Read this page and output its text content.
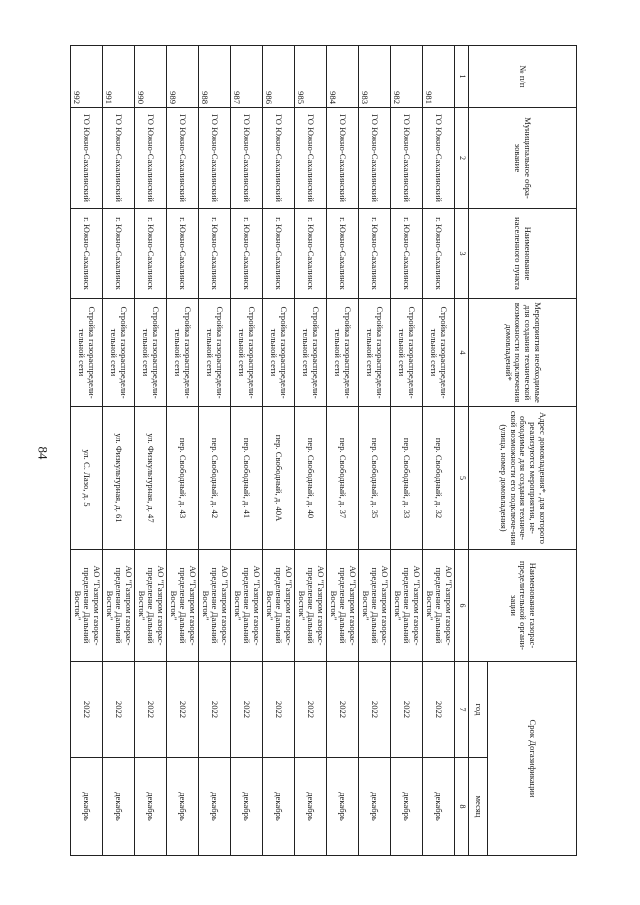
84
№ п/п	Муниципальное обра-зование	Наименование населенного пункта	Мероприятия необходимые для создания технической возможности подключения домовладений*	Адрес домовладения*, для которого реализуются мероприятия, не-обходимые для создания техниче-ской возможности его подключе-ния (улица, номер домовладения)	Наименование газорас-пределительной органи-зации	Срок Догазификации	
						год	месяц
1	2	3	4	5	6	7	8
981	ГО Южно-Сахалинский	г. Южно-Сахалинск	Стройка газораспредели-тельной сети	пер. Свободный, д. 32	АО "Газпром газорас-пределение Дальний Восток"	2022	декабрь
982	ГО Южно-Сахалинский	г. Южно-Сахалинск	Стройка газораспредели-тельной сети	пер. Свободный, д. 33	АО "Газпром газорас-пределение Дальний Восток"	2022	декабрь
983	ГО Южно-Сахалинский	г. Южно-Сахалинск	Стройка газораспредели-тельной сети	пер. Свободный, д. 35	АО "Газпром газорас-пределение Дальний Восток"	2022	декабрь
984	ГО Южно-Сахалинский	г. Южно-Сахалинск	Стройка газораспредели-тельной сети	пер. Свободный, д. 37	АО "Газпром газорас-пределение Дальний Восток"	2022	декабрь
985	ГО Южно-Сахалинский	г. Южно-Сахалинск	Стройка газораспредели-тельной сети	пер. Свободный, д. 40	АО "Газпром газорас-пределение Дальний Восток"	2022	декабрь
986	ГО Южно-Сахалинский	г. Южно-Сахалинск	Стройка газораспредели-тельной сети	пер. Свободный, д. 40А	АО "Газпром газорас-пределение Дальний Восток"	2022	декабрь
987	ГО Южно-Сахалинский	г. Южно-Сахалинск	Стройка газораспредели-тельной сети	пер. Свободный, д. 41	АО "Газпром газорас-пределение Дальний Восток"	2022	декабрь
988	ГО Южно-Сахалинский	г. Южно-Сахалинск	Стройка газораспредели-тельной сети	пер. Свободный, д. 42	АО "Газпром газорас-пределение Дальний Восток"	2022	декабрь
989	ГО Южно-Сахалинский	г. Южно-Сахалинск	Стройка газораспредели-тельной сети	пер. Свободный, д. 43	АО "Газпром газорас-пределение Дальний Восток"	2022	декабрь
990	ГО Южно-Сахалинский	г. Южно-Сахалинск	Стройка газораспредели-тельной сети	ул. Физкультурная, д. 47	АО "Газпром газорас-пределение Дальний Восток"	2022	декабрь
991	ГО Южно-Сахалинский	г. Южно-Сахалинск	Стройка газораспредели-тельной сети	ул. Физкультурная, д. 61	АО "Газпром газорас-пределение Дальний Восток"	2022	декабрь
992	ГО Южно-Сахалинский	г. Южно-Сахалинск	Стройка газораспредели-тельной сети	ул. С. Лазо, д. 5	АО "Газпром газорас-пределение Дальний Восток"	2022	декабрь
